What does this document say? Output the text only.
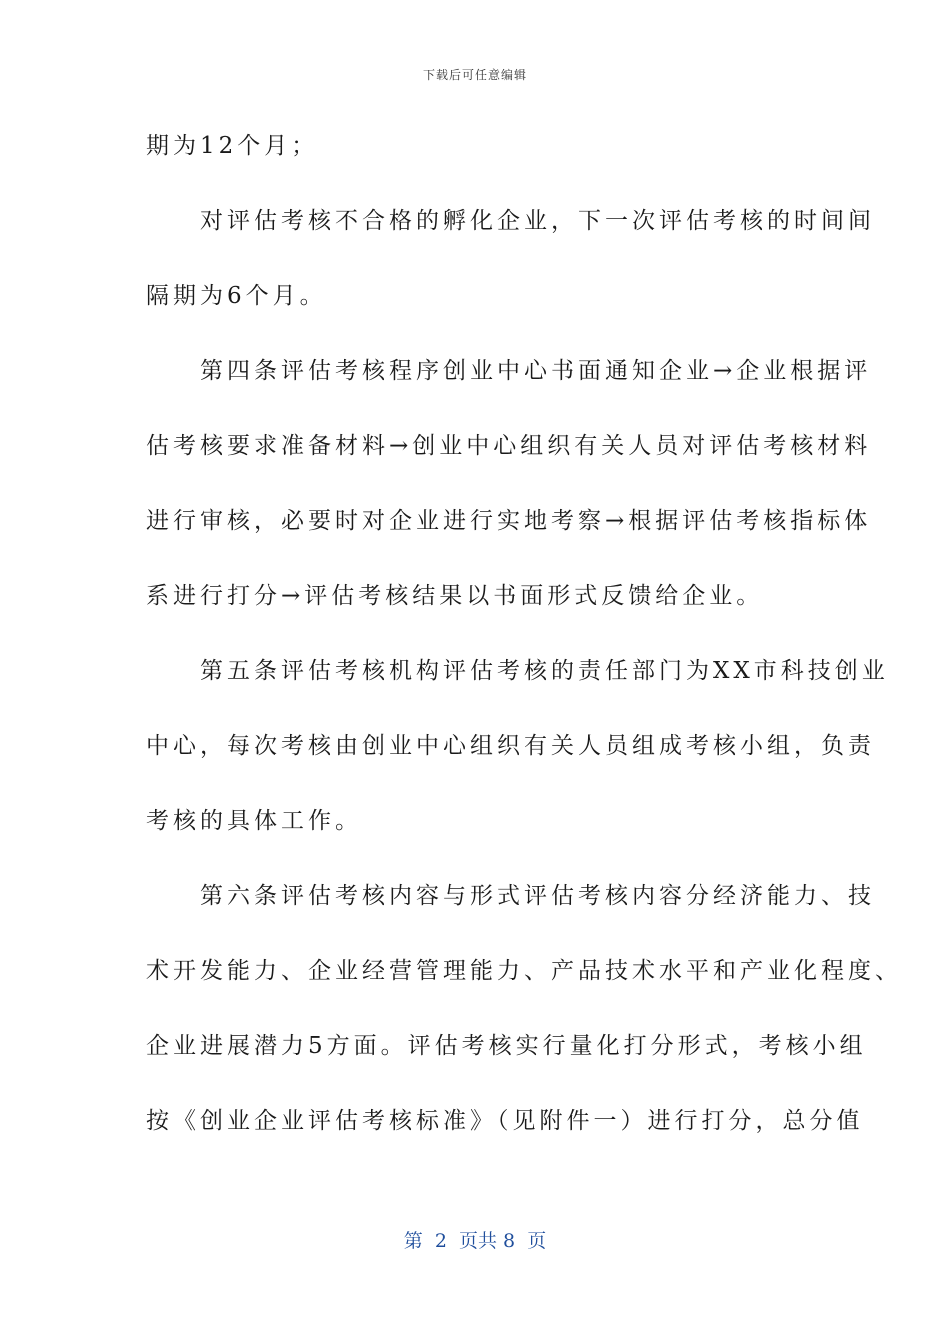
下载后可任意编辑
期为12个月；
　　对评估考核不合格的孵化企业，下一次评估考核的时间间
隔期为6个月。
　　第四条评估考核程序创业中心书面通知企业→企业根据评
估考核要求准备材料→创业中心组织有关人员对评估考核材料
进行审核，必要时对企业进行实地考察→根据评估考核指标体
系进行打分→评估考核结果以书面形式反馈给企业。
　　第五条评估考核机构评估考核的责任部门为XX市科技创业
中心，每次考核由创业中心组织有关人员组成考核小组，负责
考核的具体工作。
　　第六条评估考核内容与形式评估考核内容分经济能力、技
术开发能力、企业经营管理能力、产品技术水平和产业化程度、
企业进展潜力5方面。评估考核实行量化打分形式，考核小组
按《创业企业评估考核标准》（见附件一）进行打分，总分值
第  2  页共 8  页
